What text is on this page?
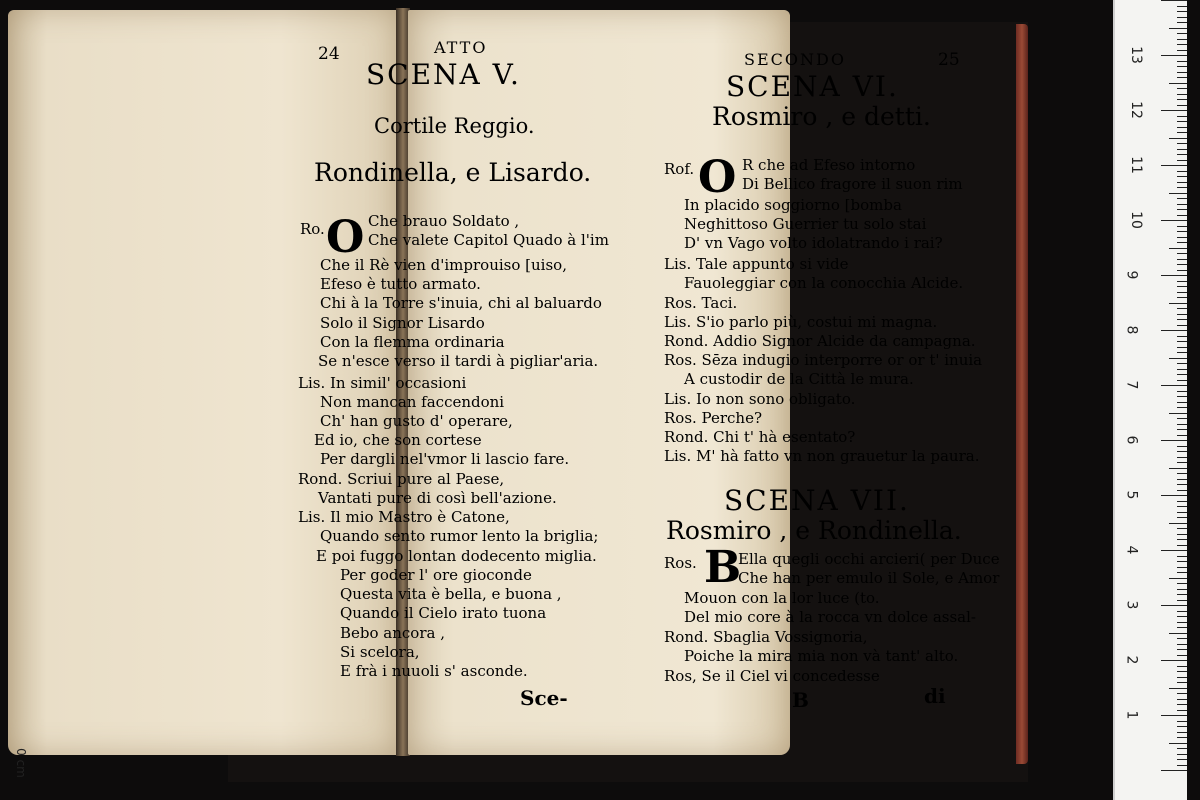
24	ATTO
SCENA V.
Cortile Reggio.
Rondinella, e Lisardo.
O
Ro.	Che brauo Soldato ,
Che valete Capitol Quado à l'im
Che il Rè vien d'improuiso [uiso,
Efeso è tutto armato.
Chi à la Torre s'inuia, chi al baluardo
Solo il Signor Lisardo
Con la flemma ordinaria
Se n'esce verso il tardi à pigliar'aria.
Lis. In simil' occasioni
Non mancan faccendoni
Ch' han gusto d' operare,
Ed io, che son cortese
Per dargli nel'vmor li lascio fare.
Rond. Scriui pure al Paese,
Vantati pure di così bell'azione.
Lis. Il mio Mastro è Catone,
Quando sento rumor lento la briglia;
E poi fuggo lontan dodecento miglia.
Per goder l' ore gioconde
Questa vita è bella, e buona ,
Quando il Cielo irato tuona
Bebo ancora ,
Si scelora,
E frà i nuuoli s' asconde.
Sce-
SECONDO	25
SCENA VI.
Rosmiro , e detti.
O
Rof.	R che ad Efeso intorno
Di Bellico fragore il suon rim
In placido soggiorno [bomba
Neghittoso Guerrier tu solo stai
D' vn Vago volto idolatrando i rai?
Lis. Tale appunto si vide
Fauoleggiar con la conocchia Alcide.
Ros. Taci.
Lis. S'io parlo più, costui mi magna.
Rond. Addio Signor Alcide da campagna.
Ros. Sēza indugio interporre or or t' inuia
A custodir de la Città le mura.
Lis. Io non sono obligato.
Ros. Perche?
Rond. Chi t' hà esentato?
Lis. M' hà fatto vn non grauetur la paura.
SCENA VII.
Rosmiro , e Rondinella.
B
Ros.	Ella quegli occhi arcieri( per Duce
Che han per emulo il Sole, e Amor
Mouon con la lor luce (to.
Del mio core à la rocca vn dolce assal-
Rond. Sbaglia Vossignoria,
Poiche la mira mia non và tant' alto.
Ros, Se il Ciel vi concedesse
B	di
1
2
3
4
5
6
7
8
9
10
11
12
13
0 cm
